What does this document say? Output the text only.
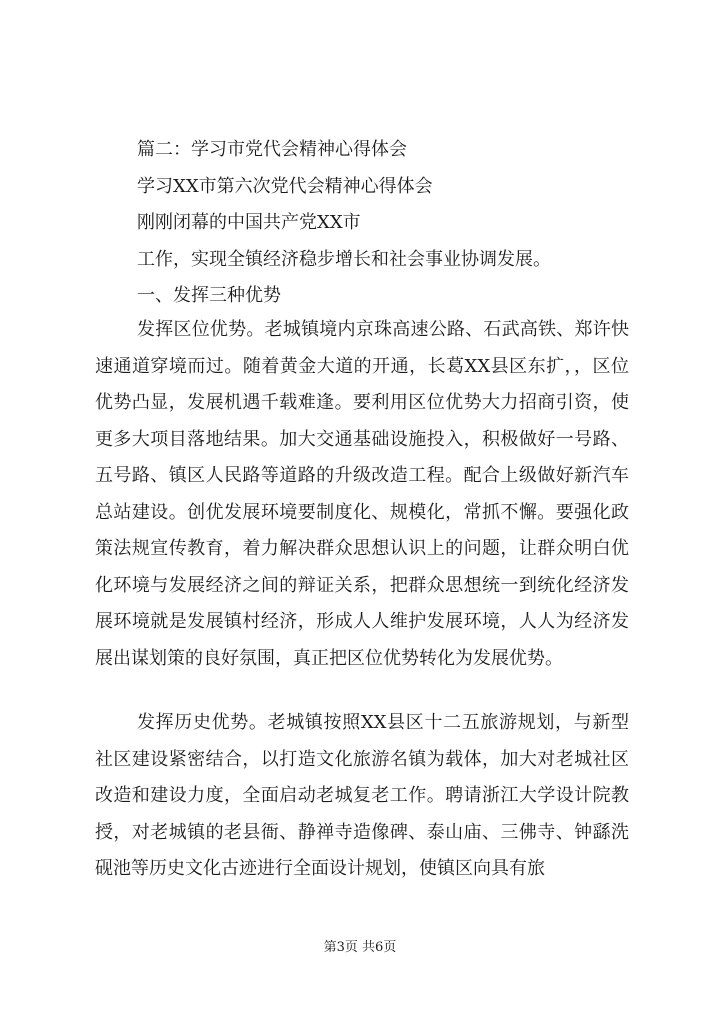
篇二：学习市党代会精神心得体会
学习XX市第六次党代会精神心得体会
刚刚闭幕的中国共产党XX市
工作，实现全镇经济稳步增长和社会事业协调发展。
一、发挥三种优势

发挥区位优势。老城镇境内京珠高速公路、石武高铁、郑许快速通道穿境而过。随着黄金大道的开通，长葛XX县区东扩，，区位优势凸显，发展机遇千载难逢。要利用区位优势大力招商引资，使更多大项目落地结果。加大交通基础设施投入，积极做好一号路、五号路、镇区人民路等道路的升级改造工程。配合上级做好新汽车总站建设。创优发展环境要制度化、规模化，常抓不懈。要强化政策法规宣传教育，着力解决群众思想认识上的问题，让群众明白优化环境与发展经济之间的辩证关系，把群众思想统一到统化经济发展环境就是发展镇村经济，形成人人维护发展环境，人人为经济发展出谋划策的良好氛围，真正把区位优势转化为发展优势。

发挥历史优势。老城镇按照XX县区十二五旅游规划，与新型社区建设紧密结合，以打造文化旅游名镇为载体，加大对老城社区改造和建设力度，全面启动老城复老工作。聘请浙江大学设计院教授，对老城镇的老县衙、静禅寺造像碑、泰山庙、三佛寺、钟繇洗砚池等历史文化古迹进行全面设计规划，使镇区向具有旅

第3页 共6页
